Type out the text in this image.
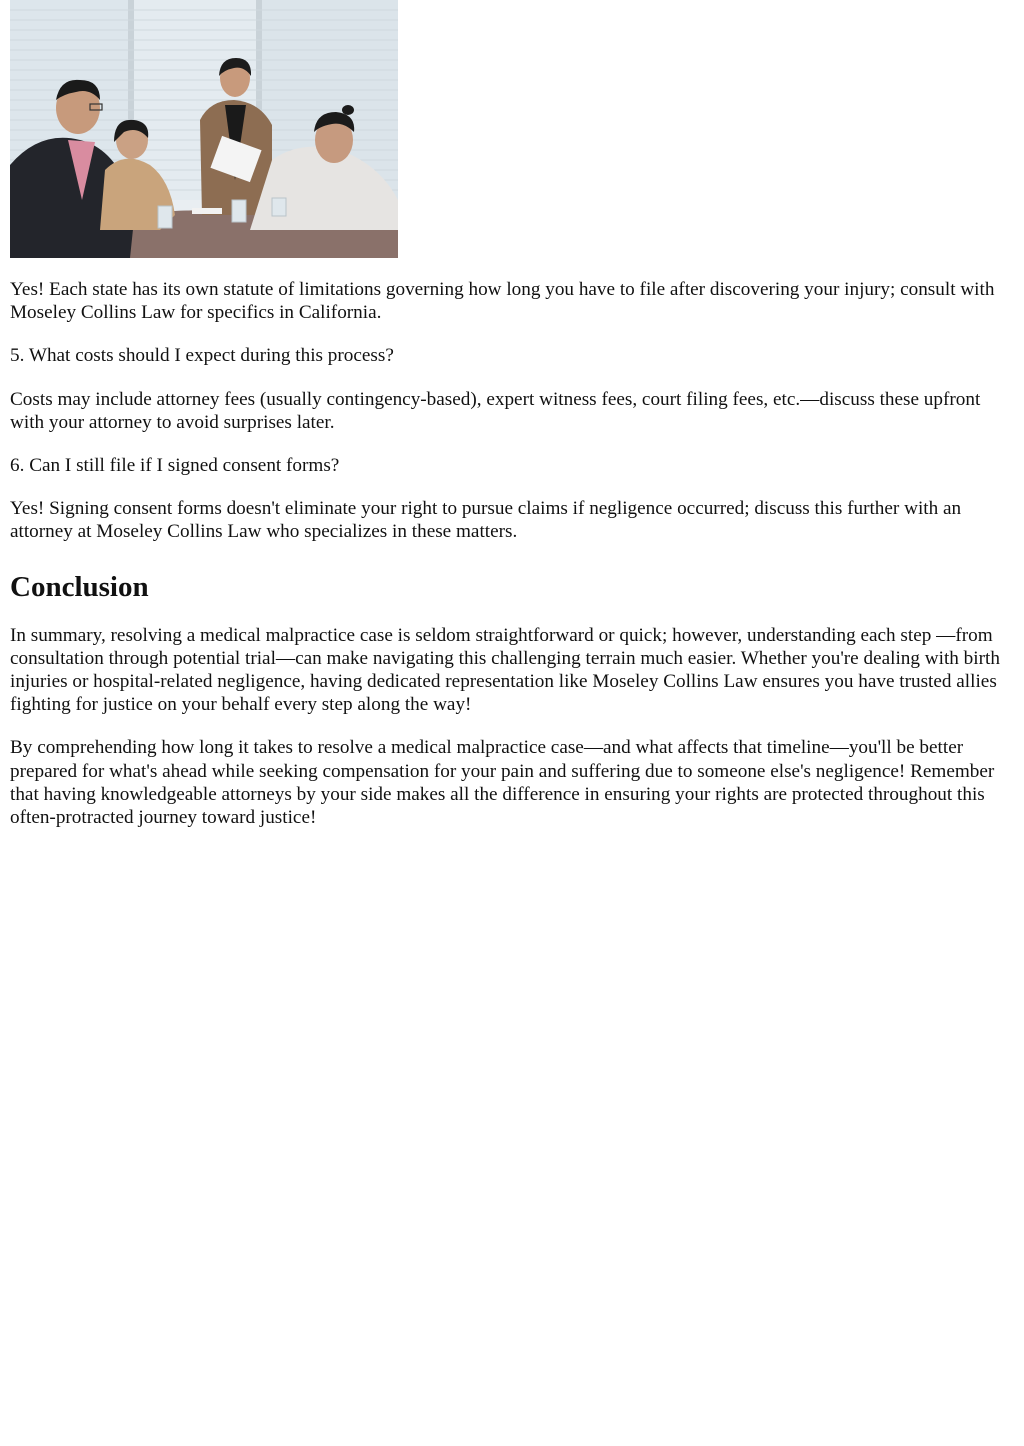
Yes! Each state has its own statute of limitations governing how long you have to file after discovering your injury; consult with Moseley Collins Law for specifics in California.

5. What costs should I expect during this process?

Costs may include attorney fees (usually contingency-based), expert witness fees, court filing fees, etc.—discuss these upfront with your attorney to avoid surprises later.

6. Can I still file if I signed consent forms?

Yes! Signing consent forms doesn't eliminate your right to pursue claims if negligence occurred; discuss this further with an attorney at Moseley Collins Law who specializes in these matters.

Conclusion

In summary, resolving a medical malpractice case is seldom straightforward or quick; however, understanding each step —from consultation through potential trial—can make navigating this challenging terrain much easier. Whether you're dealing with birth injuries or hospital-related negligence, having dedicated representation like Moseley Collins Law ensures you have trusted allies fighting for justice on your behalf every step along the way!

By comprehending how long it takes to resolve a medical malpractice case—and what affects that timeline—you'll be better prepared for what's ahead while seeking compensation for your pain and suffering due to someone else's negligence! Remember that having knowledgeable attorneys by your side makes all the difference in ensuring your rights are protected throughout this often-protracted journey toward justice!
